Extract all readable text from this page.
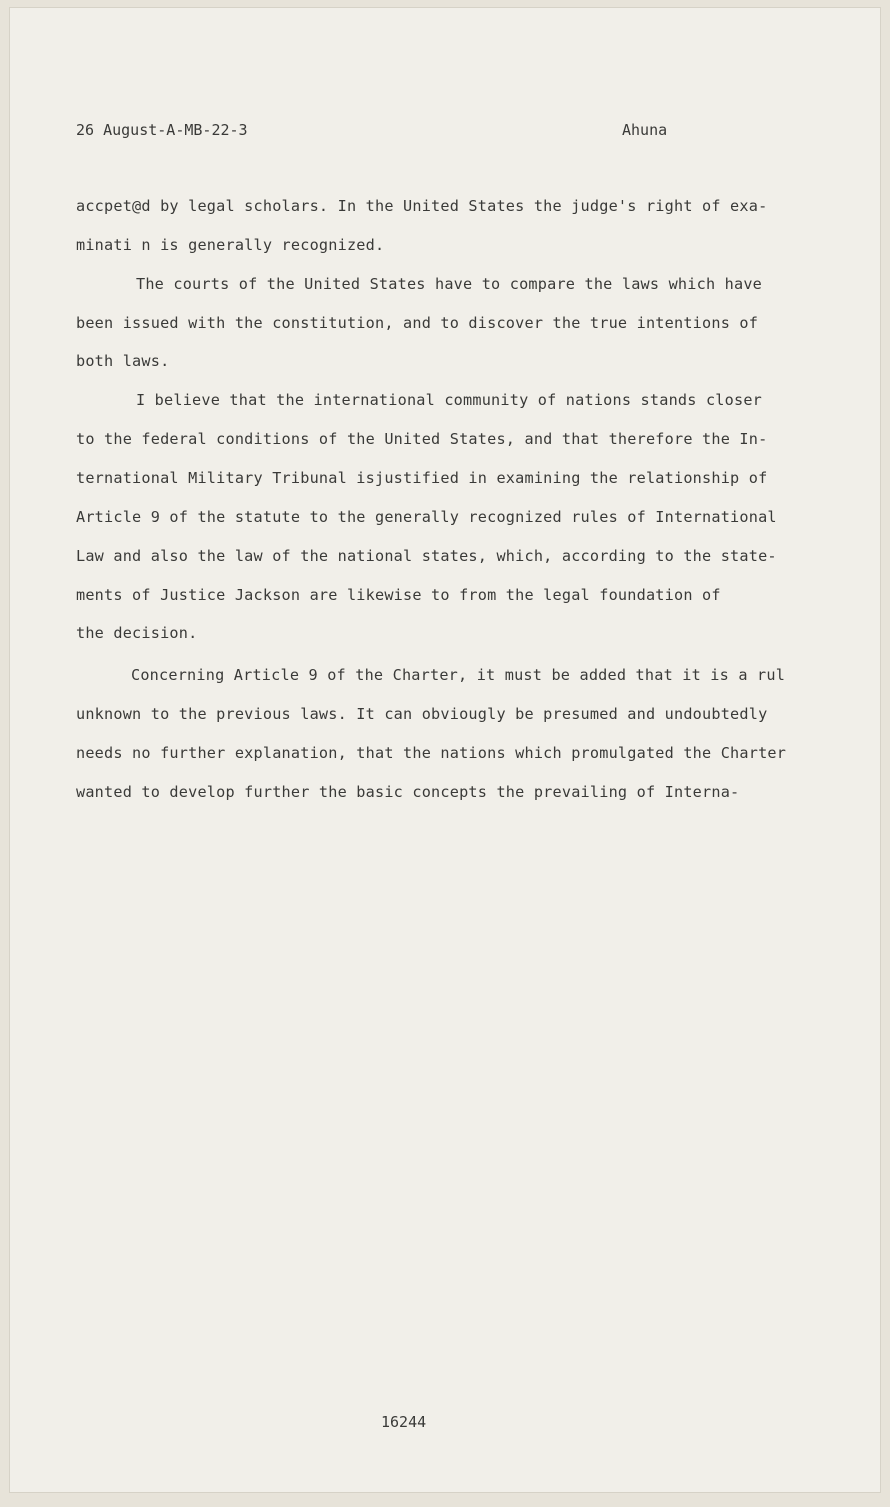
26 August-A-MB-22-3	Ahuna
accpet@d by legal scholars. In the United States the judge's right of exa-
minati n is generally recognized.
The courts of the United States have to compare the laws which have
been issued with the constitution, and to discover the true intentions of
both laws.
I believe that the international community of nations stands closer
to the federal conditions of the United States, and that therefore the In-
ternational Military Tribunal isjustified in examining the relationship of
Article 9 of the statute to the generally recognized rules of International
Law and also the law of the national states, which, according to the state-
ments of Justice Jackson are likewise to from the legal foundation of
the decision.
Concerning Article 9 of the Charter, it must be added that it is a rul
unknown to the previous laws. It can obviougly be presumed and undoubtedly
needs no further explanation, that the nations which promulgated the Charter
wanted to develop further the basic concepts the prevailing of Interna-
16244
